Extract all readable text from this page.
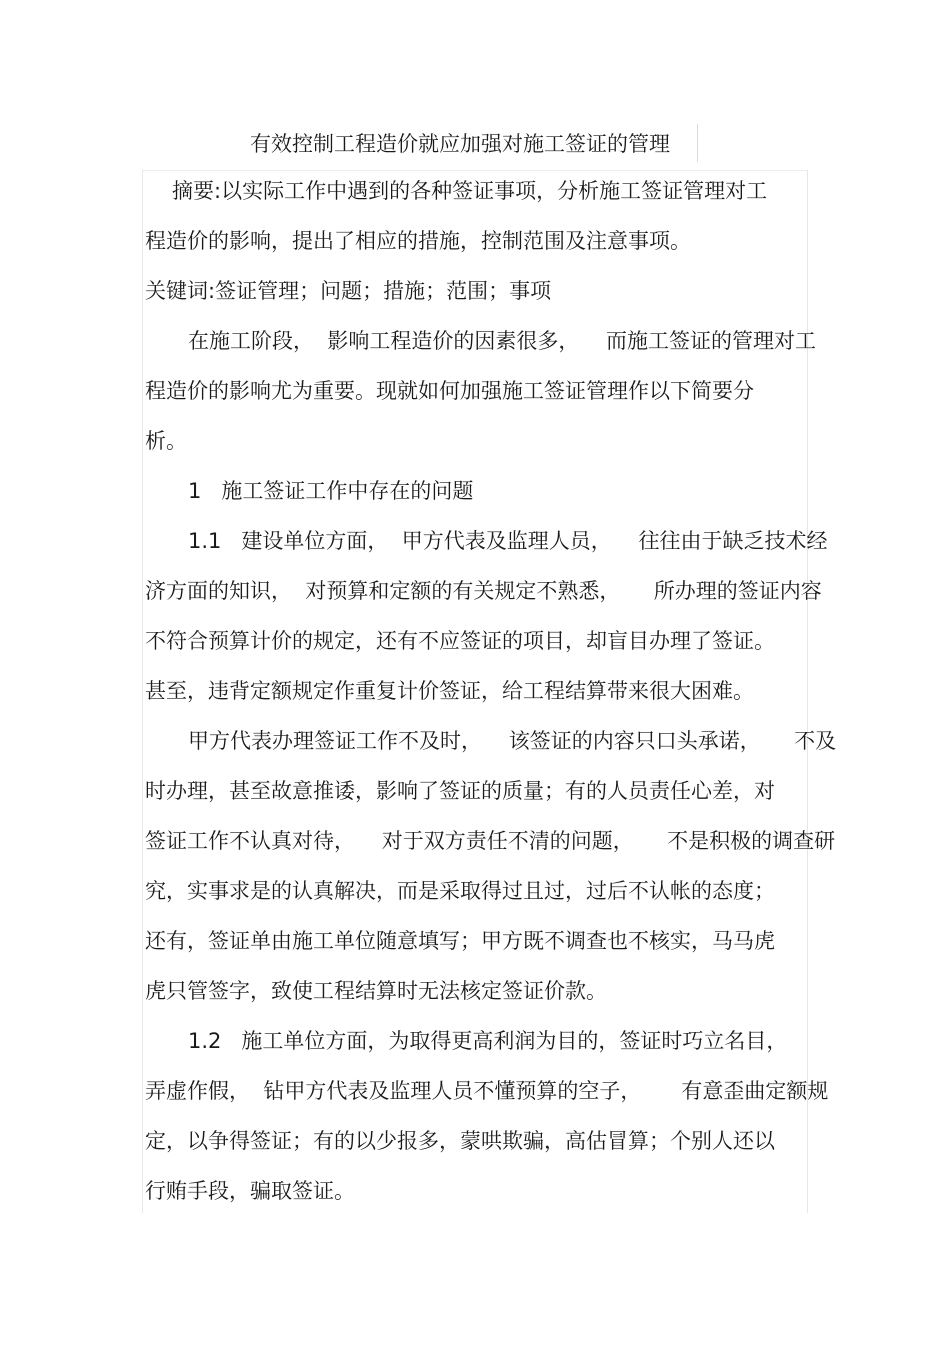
有效控制工程造价就应加强对施工签证的管理
摘要:以实际工作中遇到的各种签证事项，分析施工签证管理对工
程造价的影响，提出了相应的措施，控制范围及注意事项。
关键词:签证管理；问题；措施；范围；事项
在施工阶段，  影响工程造价的因素很多，    而施工签证的管理对工
程造价的影响尤为重要。现就如何加强施工签证管理作以下简要分
析。
1   施工签证工作中存在的问题
1.1   建设单位方面，  甲方代表及监理人员，    往往由于缺乏技术经
济方面的知识，  对预算和定额的有关规定不熟悉，     所办理的签证内容
不符合预算计价的规定，还有不应签证的项目，却盲目办理了签证。
甚至，违背定额规定作重复计价签证，给工程结算带来很大困难。
甲方代表办理签证工作不及时，    该签证的内容只口头承诺，     不及
时办理，甚至故意推诿，影响了签证的质量；有的人员责任心差，对
签证工作不认真对待，    对于双方责任不清的问题，     不是积极的调查研
究，实事求是的认真解决，而是采取得过且过，过后不认帐的态度；
还有，签证单由施工单位随意填写；甲方既不调查也不核实，马马虎
虎只管签字，致使工程结算时无法核定签证价款。
1.2   施工单位方面，为取得更高利润为目的，签证时巧立名目，
弄虚作假，  钻甲方代表及监理人员不懂预算的空子，      有意歪曲定额规
定，以争得签证；有的以少报多，蒙哄欺骗，高估冒算；个别人还以
行贿手段，骗取签证。
